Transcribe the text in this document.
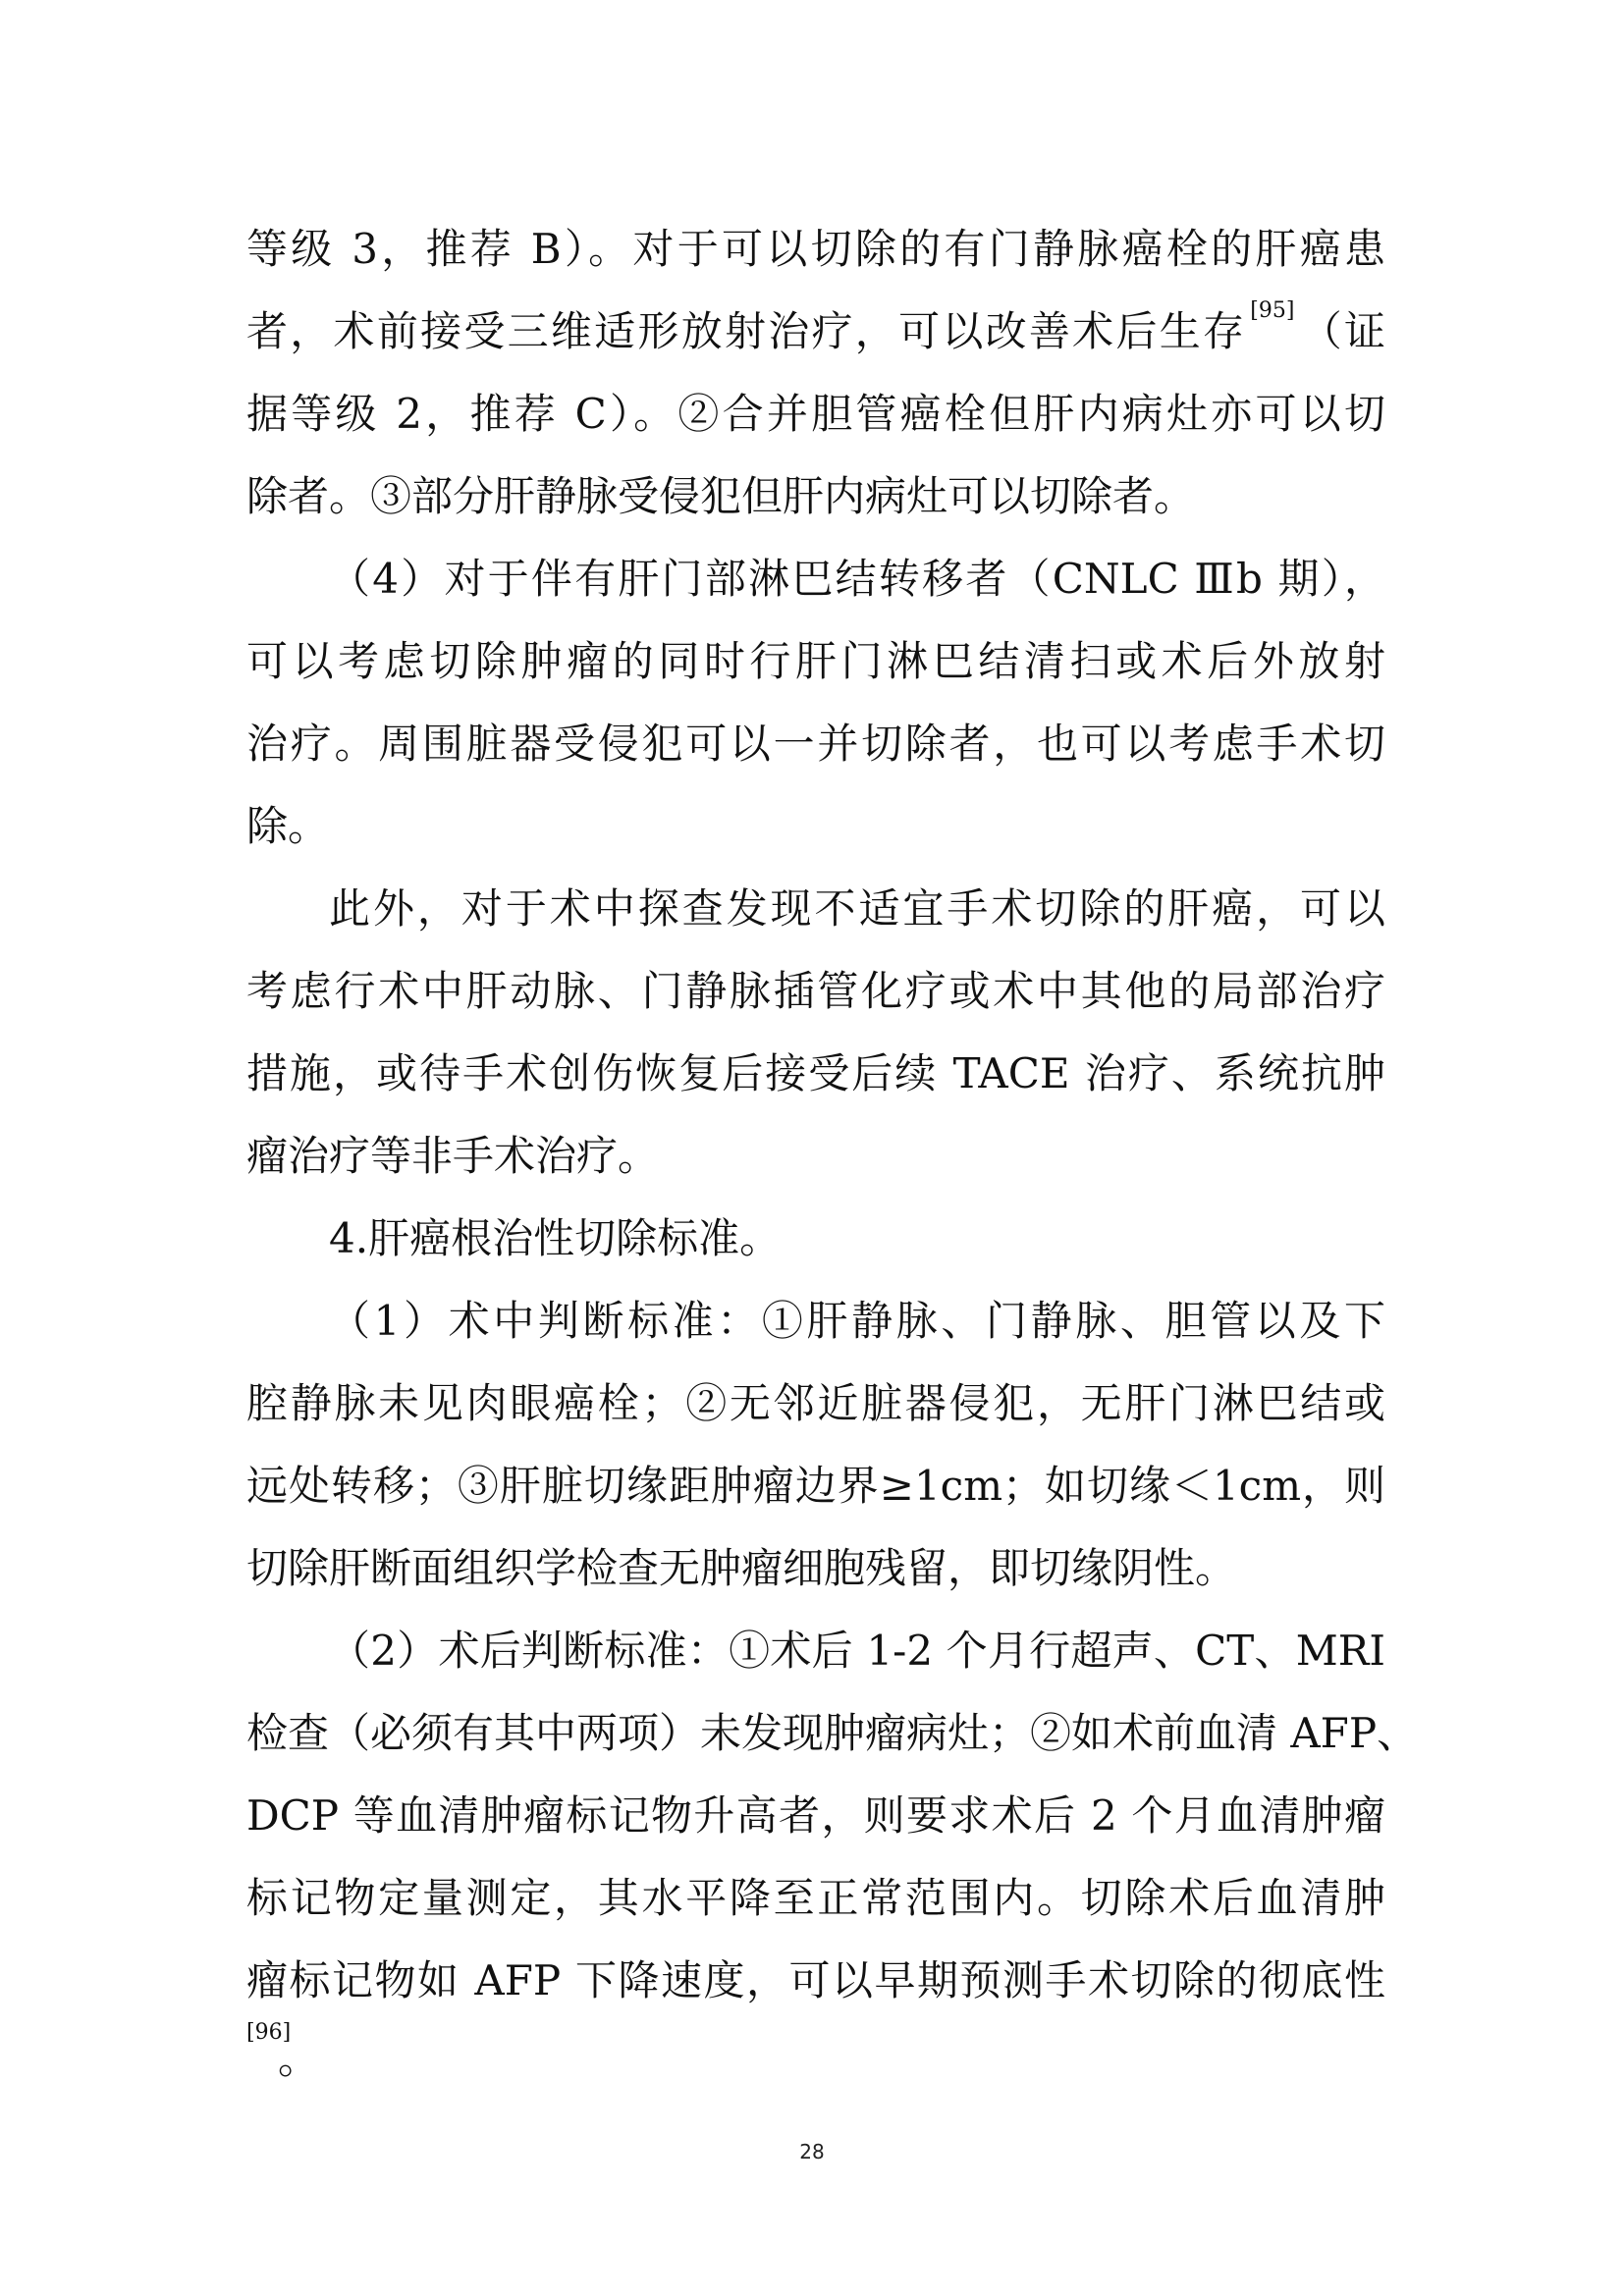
等级 3，推荐 B）。对于可以切除的有门静脉癌栓的肝癌患
者，术前接受三维适形放射治疗，可以改善术后生存 [95]（证
据等级 2，推荐 C）。②合并胆管癌栓但肝内病灶亦可以切
除者。③部分肝静脉受侵犯但肝内病灶可以切除者。
（4）对于伴有肝门部淋巴结转移者（CNLC Ⅲb 期），
可以考虑切除肿瘤的同时行肝门淋巴结清扫或术后外放射
治疗。周围脏器受侵犯可以一并切除者，也可以考虑手术切
除。
此外，对于术中探查发现不适宜手术切除的肝癌，可以
考虑行术中肝动脉、门静脉插管化疗或术中其他的局部治疗
措施，或待手术创伤恢复后接受后续 TACE 治疗、系统抗肿
瘤治疗等非手术治疗。
4.肝癌根治性切除标准。
（1）术中判断标准：①肝静脉、门静脉、胆管以及下
腔静脉未见肉眼癌栓；②无邻近脏器侵犯，无肝门淋巴结或
远处转移；③肝脏切缘距肿瘤边界≥1cm；如切缘＜1cm，则
切除肝断面组织学检查无肿瘤细胞残留，即切缘阴性。
（2）术后判断标准：①术后 1-2 个月行超声、CT、MRI
检查（必须有其中两项）未发现肿瘤病灶；②如术前血清 AFP、
DCP 等血清肿瘤标记物升高者，则要求术后 2 个月血清肿瘤
标记物定量测定，其水平降至正常范围内。切除术后血清肿
瘤标记物如 AFP 下降速度，可以早期预测手术切除的彻底性
[96]
。
28
